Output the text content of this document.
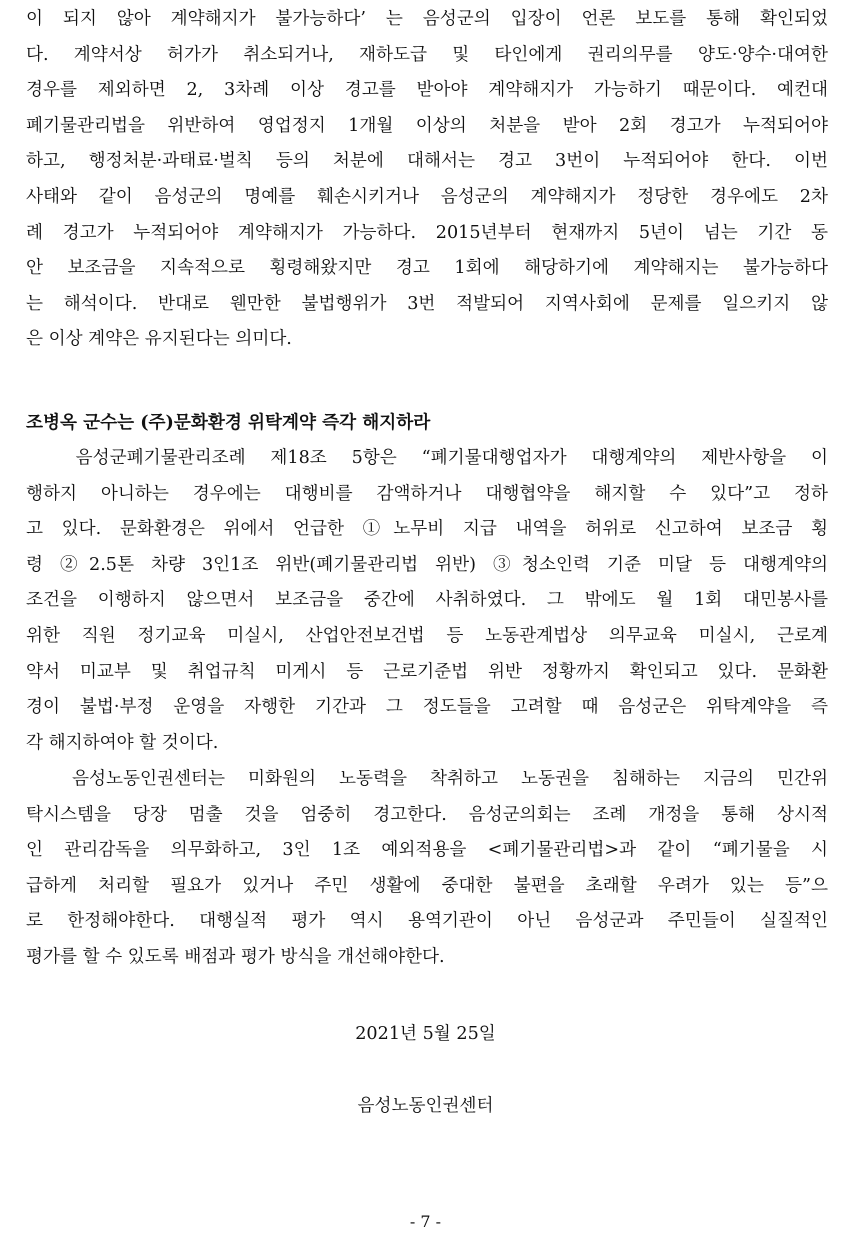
이 되지 않아 계약해지가 불가능하다’ 는 음성군의 입장이 언론 보도를 통해 확인되었
다. 계약서상 허가가 취소되거나, 재하도급 및 타인에게 권리의무를 양도·양수·대여한
경우를 제외하면 2, 3차례 이상 경고를 받아야 계약해지가 가능하기 때문이다. 예컨대
폐기물관리법을 위반하여 영업정지 1개월 이상의 처분을 받아 2회 경고가 누적되어야
하고, 행정처분·과태료·벌칙 등의 처분에 대해서는 경고 3번이 누적되어야 한다. 이번
사태와 같이 음성군의 명예를 훼손시키거나 음성군의 계약해지가 정당한 경우에도 2차
례 경고가 누적되어야 계약해지가 가능하다. 2015년부터 현재까지 5년이 넘는 기간 동
안 보조금을 지속적으로 횡령해왔지만 경고 1회에 해당하기에 계약해지는 불가능하다
는 해석이다. 반대로 웬만한 불법행위가 3번 적발되어 지역사회에 문제를 일으키지 않
은 이상 계약은 유지된다는 의미다.
조병옥 군수는 (주)문화환경 위탁계약 즉각 해지하라
음성군폐기물관리조례 제18조 5항은 “폐기물대행업자가 대행계약의 제반사항을 이
행하지 아니하는 경우에는 대행비를 감액하거나 대행협약을 해지할 수 있다”고 정하
고 있다. 문화환경은 위에서 언급한 ①노무비 지급 내역을 허위로 신고하여 보조금 횡
령 ②2.5톤 차량 3인1조 위반(폐기물관리법 위반) ③청소인력 기준 미달 등 대행계약의
조건을 이행하지 않으면서 보조금을 중간에 사취하였다. 그 밖에도 월 1회 대민봉사를
위한 직원 정기교육 미실시, 산업안전보건법 등 노동관계법상 의무교육 미실시, 근로계
약서 미교부 및 취업규칙 미게시 등 근로기준법 위반 정황까지 확인되고 있다. 문화환
경이 불법·부정 운영을 자행한 기간과 그 정도들을 고려할 때 음성군은 위탁계약을 즉
각 해지하여야 할 것이다.
음성노동인권센터는 미화원의 노동력을 착취하고 노동권을 침해하는 지금의 민간위
탁시스템을 당장 멈출 것을 엄중히 경고한다. 음성군의회는 조례 개정을 통해 상시적
인 관리감독을 의무화하고, 3인 1조 예외적용을 <폐기물관리법>과 같이 “폐기물을 시
급하게 처리할 필요가 있거나 주민 생활에 중대한 불편을 초래할 우려가 있는 등”으
로 한정해야한다. 대행실적 평가 역시 용역기관이 아닌 음성군과 주민들이 실질적인
평가를 할 수 있도록 배점과 평가 방식을 개선해야한다.
2021년 5월 25일
음성노동인권센터
- 7 -
